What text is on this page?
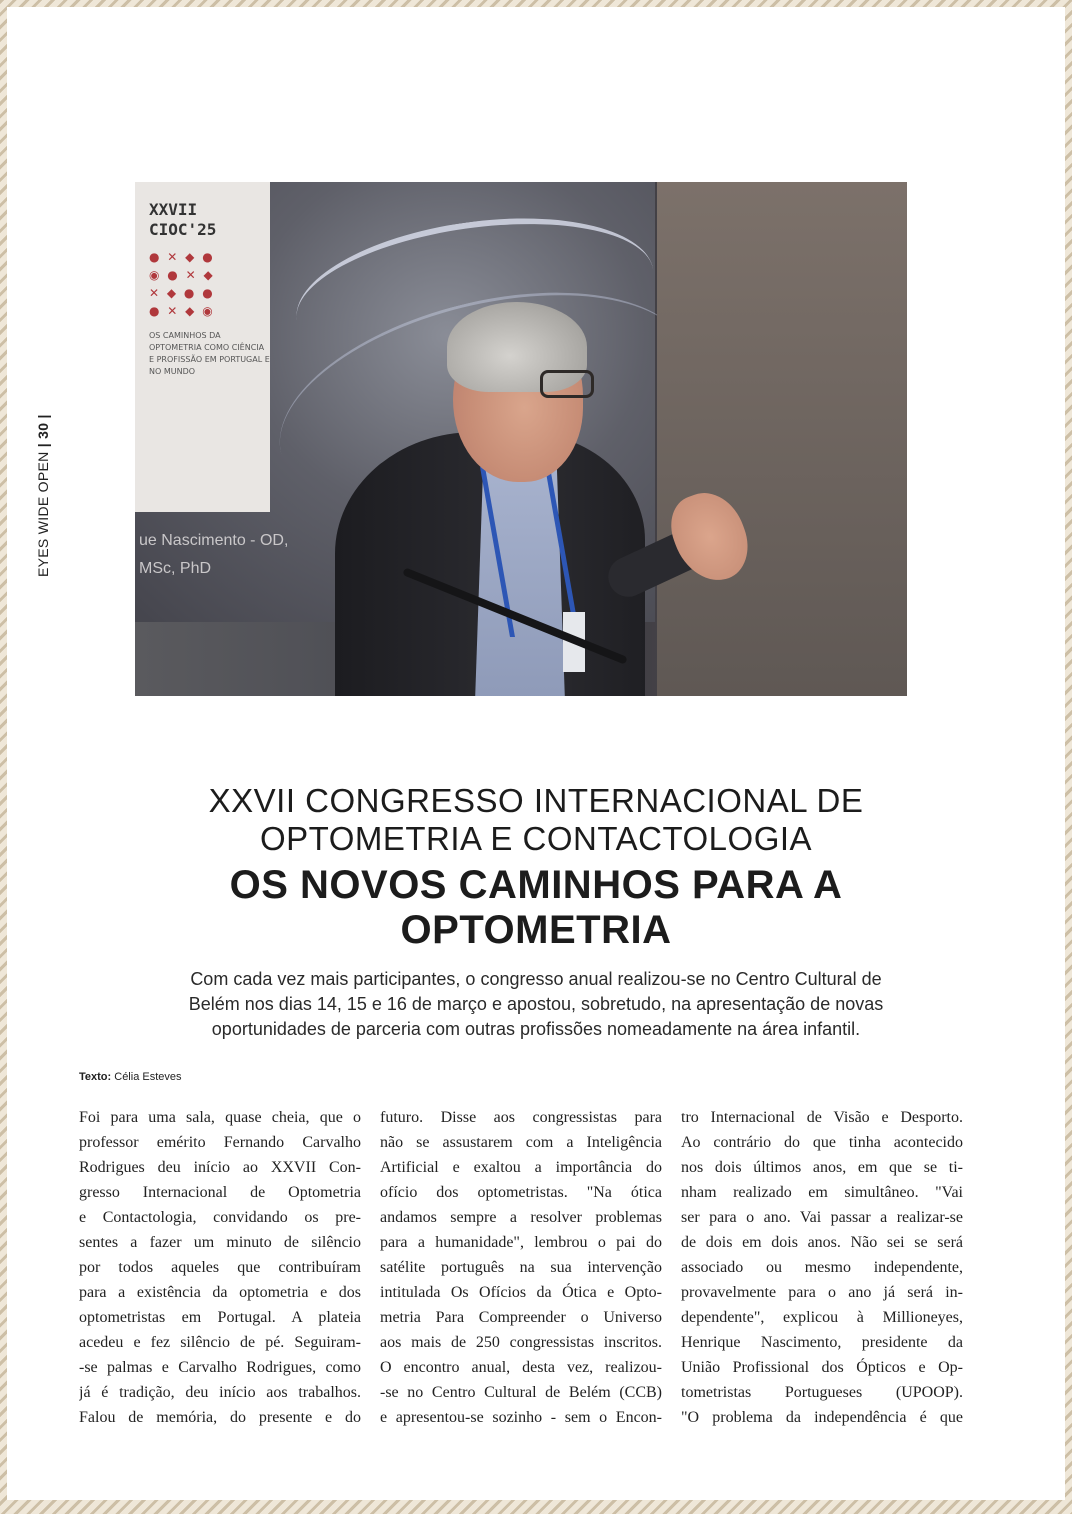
EYES WIDE OPEN | 30 |
XXVII
CIOC'25
● ✕ ◆ ●
◉ ● ✕ ◆
✕ ◆ ● ●
● ✕ ◆ ◉
OS CAMINHOS DA OPTOMETRIA COMO CIÊNCIA E PROFISSÃO EM PORTUGAL E NO MUNDO
ue Nascimento - OD,
MSc, PhD
XXVII CONGRESSO INTERNACIONAL DE
OPTOMETRIA E CONTACTOLOGIA
OS NOVOS CAMINHOS PARA A
OPTOMETRIA
Com cada vez mais participantes, o congresso anual realizou-se no Centro Cultural de
Belém nos dias 14, 15 e 16 de março e apostou, sobretudo, na apresentação de novas
oportunidades de parceria com outras profissões nomeadamente na área infantil.
Texto: Célia Esteves
Foi para uma sala, quase cheia, que o
professor emérito Fernando Carvalho
Rodrigues deu início ao XXVII Con-
gresso Internacional de Optometria
e Contactologia, convidando os pre-
sentes a fazer um minuto de silêncio
por todos aqueles que contribuíram
para a existência da optometria e dos
optometristas em Portugal. A plateia
acedeu e fez silêncio de pé. Seguiram-
-se palmas e Carvalho Rodrigues, como
já é tradição, deu início aos trabalhos.
Falou de memória, do presente e do
futuro. Disse aos congressistas para
não se assustarem com a Inteligência
Artificial e exaltou a importância do
ofício dos optometristas. "Na ótica
andamos sempre a resolver problemas
para a humanidade", lembrou o pai do
satélite português na sua intervenção
intitulada Os Ofícios da Ótica e Opto-
metria Para Compreender o Universo
aos mais de 250 congressistas inscritos.
O encontro anual, desta vez, realizou-
-se no Centro Cultural de Belém (CCB)
e apresentou-se sozinho - sem o Encon-
tro Internacional de Visão e Desporto.
Ao contrário do que tinha acontecido
nos dois últimos anos, em que se ti-
nham realizado em simultâneo. "Vai
ser para o ano. Vai passar a realizar-se
de dois em dois anos. Não sei se será
associado ou mesmo independente,
provavelmente para o ano já será in-
dependente", explicou à Millioneyes,
Henrique Nascimento, presidente da
União Profissional dos Ópticos e Op-
tometristas Portugueses (UPOOP).
"O problema da independência é que
